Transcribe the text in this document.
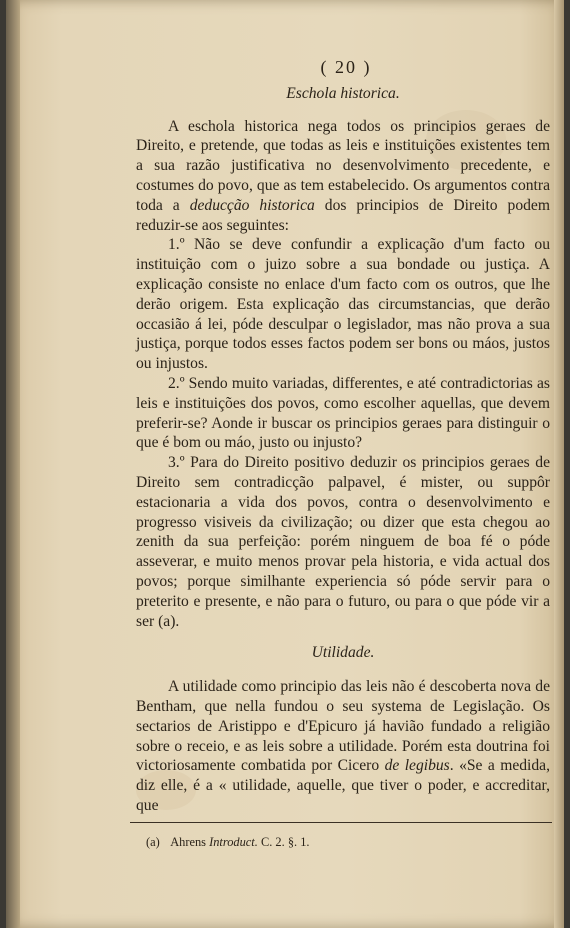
( 20 )
Eschola historica.

A eschola historica nega todos os principios geraes de Direito, e pretende, que todas as leis e instituições existentes tem a sua razão justificativa no desenvolvimento precedente, e costumes do povo, que as tem estabelecido. Os argumentos contra toda a deducção historica dos principios de Direito podem reduzir-se aos seguintes:

1.º Não se deve confundir a explicação d'um facto ou instituição com o juizo sobre a sua bondade ou justiça. A explicação consiste no enlace d'um facto com os outros, que lhe derão origem. Esta explicação das circumstancias, que derão occasião á lei, póde desculpar o legislador, mas não prova a sua justiça, porque todos esses factos podem ser bons ou máos, justos ou injustos.

2.º Sendo muito variadas, differentes, e até contradictorias as leis e instituições dos povos, como escolher aquellas, que devem preferir-se? Aonde ir buscar os principios geraes para distinguir o que é bom ou máo, justo ou injusto?

3.º Para do Direito positivo deduzir os principios geraes de Direito sem contradicção palpavel, é mister, ou suppôr estacionaria a vida dos povos, contra o desenvolvimento e progresso visiveis da civilização; ou dizer que esta chegou ao zenith da sua perfeição: porém ninguem de boa fé o póde asseverar, e muito menos provar pela historia, e vida actual dos povos; porque similhante experiencia só póde servir para o preterito e presente, e não para o futuro, ou para o que póde vir a ser (a).

Utilidade.

A utilidade como principio das leis não é descoberta nova de Bentham, que nella fundou o seu systema de Legislação. Os sectarios de Aristippo e d'Epicuro já havião fundado a religião sobre o receio, e as leis sobre a utilidade. Porém esta doutrina foi victoriosamente combatida por Cicero de legibus. «Se a medida, diz elle, é a « utilidade, aquelle, que tiver o poder, e accreditar, que

(a) Ahrens Introduct. C. 2. §. 1.
